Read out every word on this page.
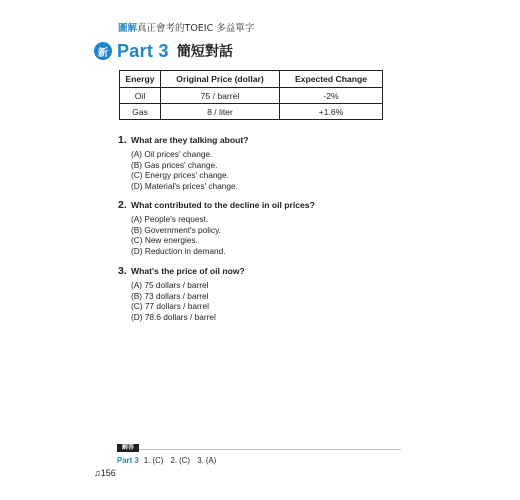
圖解真正會考的TOEIC 多益單字
新 Part 3 簡短對話
Energy	Original Price (dollar)	Expected Change
Oil	75 / barrel	-2%
Gas	8 / liter	+1.6%
1. What are they talking about?
(A) Oil prices' change.
(B) Gas prices' change.
(C) Energy prices' change.
(D) Material's prices' change.
2. What contributed to the decline in oil prices?
(A) People's request.
(B) Government's policy.
(C) New energies.
(D) Reduction in demand.
3. What's the price of oil now?
(A) 75 dollars / barrel
(B) 73 dollars / barrel
(C) 77 dollars / barrel
(D) 78.6 dollars / barrel
解答
Part 3 1. (C) 2. (C) 3. (A)
♫156
